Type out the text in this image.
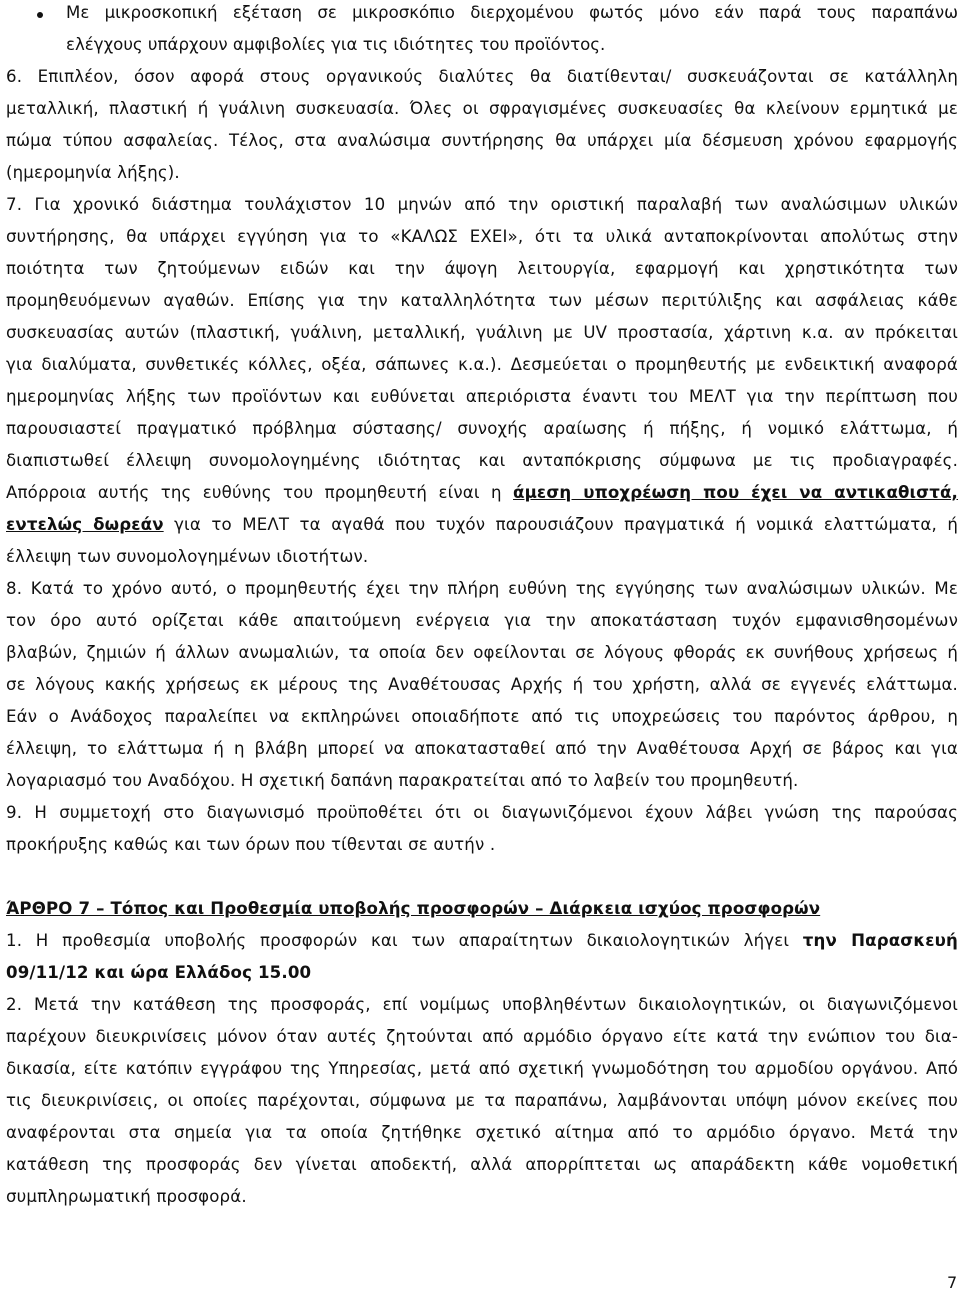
Με μικροσκοπική εξέταση σε μικροσκόπιο διερχομένου φωτός μόνο εάν παρά τους παραπάνω
ελέγχους υπάρχουν αμφιβολίες για τις ιδιότητες του προϊόντος.
6. Επιπλέον, όσον αφορά στους οργανικούς διαλύτες θα διατίθενται/ συσκευάζονται σε κατάλληλη
μεταλλική, πλαστική ή γυάλινη συσκευασία. Όλες οι σφραγισμένες συσκευασίες θα κλείνουν ερμητικά με
πώμα τύπου ασφαλείας. Τέλος, στα αναλώσιμα συντήρησης θα υπάρχει μία δέσμευση χρόνου εφαρμογής
(ημερομηνία λήξης).
7. Για χρονικό διάστημα τουλάχιστον 10 μηνών από την οριστική παραλαβή των αναλώσιμων υλικών
συντήρησης, θα υπάρχει εγγύηση για το «ΚΑΛΩΣ ΕΧΕΙ», ότι τα υλικά ανταποκρίνονται απολύτως στην
ποιότητα των ζητούμενων ειδών και την άψογη λειτουργία, εφαρμογή και χρηστικότητα των
προμηθευόμενων αγαθών. Επίσης για την καταλληλότητα των μέσων περιτύλιξης και ασφάλειας κάθε
συσκευασίας αυτών (πλαστική, γυάλινη, μεταλλική, γυάλινη με UV προστασία, χάρτινη κ.α. αν πρόκειται
για διαλύματα, συνθετικές κόλλες, οξέα, σάπωνες κ.α.). Δεσμεύεται ο προμηθευτής με ενδεικτική αναφορά
ημερομηνίας λήξης των προϊόντων και ευθύνεται απεριόριστα έναντι του ΜΕΛΤ για την περίπτωση που
παρουσιαστεί πραγματικό πρόβλημα σύστασης/ συνοχής αραίωσης ή πήξης, ή νομικό ελάττωμα, ή
διαπιστωθεί έλλειψη συνομολογημένης ιδιότητας και ανταπόκρισης σύμφωνα με τις προδιαγραφές.
Απόρροια αυτής της ευθύνης του προμηθευτή είναι η άμεση υποχρέωση που έχει να αντικαθιστά,
εντελώς δωρεάν για το ΜΕΛΤ τα αγαθά που τυχόν παρουσιάζουν πραγματικά ή νομικά ελαττώματα, ή
έλλειψη των συνομολογημένων ιδιοτήτων.
8. Κατά το χρόνο αυτό, ο προμηθευτής έχει την πλήρη ευθύνη της εγγύησης των αναλώσιμων υλικών. Με
τον όρο αυτό ορίζεται κάθε απαιτούμενη ενέργεια για την αποκατάσταση τυχόν εμφανισθησομένων
βλαβών, ζημιών ή άλλων ανωμαλιών, τα οποία δεν οφείλονται σε λόγους φθοράς εκ συνήθους χρήσεως ή
σε λόγους κακής χρήσεως εκ μέρους της Αναθέτουσας Αρχής ή του χρήστη, αλλά σε εγγενές ελάττωμα.
Εάν ο Ανάδοχος παραλείπει να εκπληρώνει οποιαδήποτε από τις υποχρεώσεις του παρόντος άρθρου, η
έλλειψη, το ελάττωμα ή η βλάβη μπορεί να αποκατασταθεί από την Αναθέτουσα Αρχή σε βάρος και για
λογαριασμό του Αναδόχου. Η σχετική δαπάνη παρακρατείται από το λαβείν του προμηθευτή.
9. Η συμμετοχή στο διαγωνισμό προϋποθέτει ότι οι διαγωνιζόμενοι έχουν λάβει γνώση της παρούσας
προκήρυξης καθώς και των όρων που τίθενται σε αυτήν .
ΆΡΘΡΟ 7 – Τόπος και Προθεσμία υποβολής προσφορών – Διάρκεια ισχύος προσφορών
1. Η προθεσμία υποβολής προσφορών και των απαραίτητων δικαιολογητικών λήγει την Παρασκευή
09/11/12 και ώρα Ελλάδος 15.00
2. Μετά την κατάθεση της προσφοράς, επί νομίμως υποβληθέντων δικαιολογητικών, οι διαγωνιζόμενοι
παρέχουν διευκρινίσεις μόνον όταν αυτές ζητούνται από αρμόδιο όργανο είτε κατά την ενώπιον του δια-
δικασία, είτε κατόπιν εγγράφου της Υπηρεσίας, μετά από σχετική γνωμοδότηση του αρμοδίου οργάνου. Από
τις διευκρινίσεις, οι οποίες παρέχονται, σύμφωνα με τα παραπάνω, λαμβάνονται υπόψη μόνον εκείνες που
αναφέρονται στα σημεία για τα οποία ζητήθηκε σχετικό αίτημα από το αρμόδιο όργανο. Μετά την
κατάθεση της προσφοράς δεν γίνεται αποδεκτή, αλλά απορρίπτεται ως απαράδεκτη κάθε νομοθετική
συμπληρωματική προσφορά.
7
